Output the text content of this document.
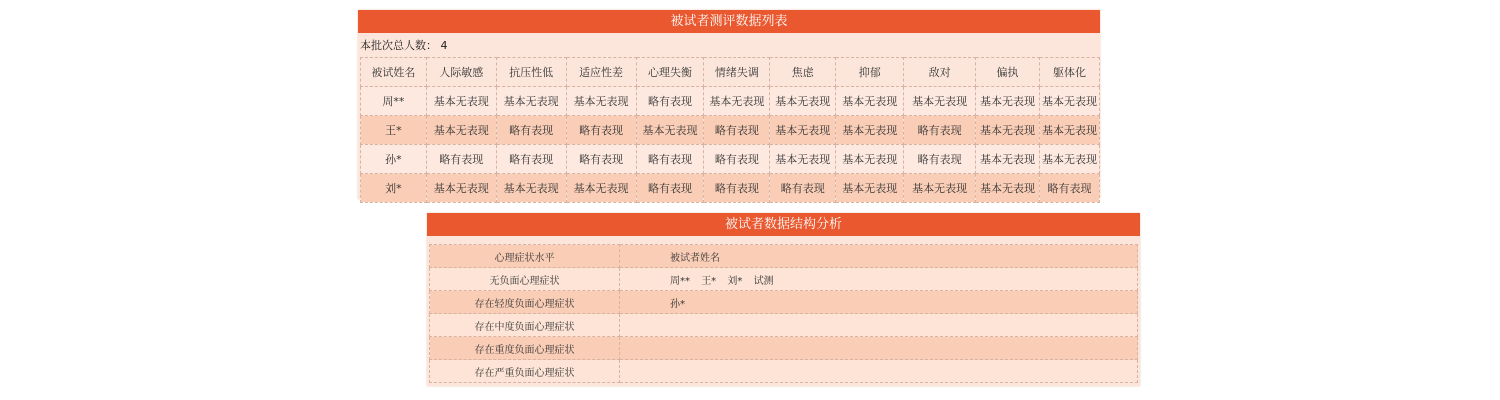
被试者测评数据列表
本批次总人数： 4
被试姓名	人际敏感	抗压性低	适应性差	心理失衡	情绪失调	焦虑	抑郁	敌对	偏执	躯体化
周**	基本无表现	基本无表现	基本无表现	略有表现	基本无表现	基本无表现	基本无表现	基本无表现	基本无表现	基本无表现
王*	基本无表现	略有表现	略有表现	基本无表现	略有表现	基本无表现	基本无表现	略有表现	基本无表现	基本无表现
孙*	略有表现	略有表现	略有表现	略有表现	略有表现	基本无表现	基本无表现	略有表现	基本无表现	基本无表现
刘*	基本无表现	基本无表现	基本无表现	略有表现	略有表现	略有表现	基本无表现	基本无表现	基本无表现	略有表现
被试者数据结构分析
心理症状水平	被试者姓名
无负面心理症状	周** 王* 刘* 试测
存在轻度负面心理症状	孙*
存在中度负面心理症状	
存在重度负面心理症状	
存在严重负面心理症状	
